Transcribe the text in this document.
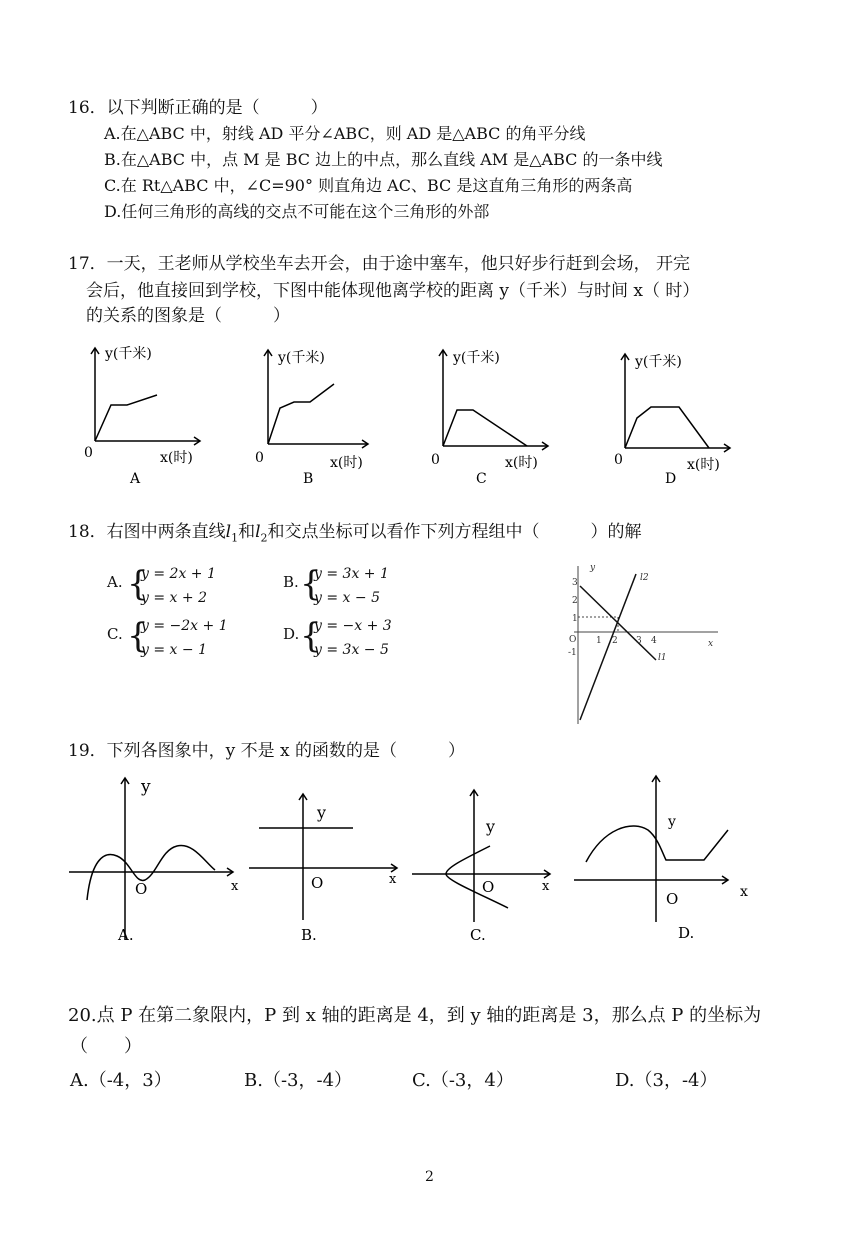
16．以下判断正确的是（　　　）
A.在△ABC 中，射线 AD 平分∠ABC，则 AD 是△ABC 的角平分线
B.在△ABC 中，点 M 是 BC 边上的中点，那么直线 AM 是△ABC 的一条中线
C.在 Rt△ABC 中，∠C=90° 则直角边 AC、BC 是这直角三角形的两条高
D.任何三角形的高线的交点不可能在这个三角形的外部
17．一天，王老师从学校坐车去开会，由于途中塞车，他只好步行赶到会场， 开完
会后，他直接回到学校，下图中能体现他离学校的距离 y（千米）与时间 x（ 时）
的关系的图象是（　　　）
y(千米)
0	x(时)
A
y(千米)
0	x(时)
B
y(千米)
0	x(时)
C
y(千米)
0	x(时)
D
18．右图中两条直线$l_1$和$l_2$和交点坐标可以看作下列方程组中（　　　）的解
A. {
y = 2x + 1
y = x + 2
B. {
y = 3x + 1
y = x − 5
C. {
y = −2x + 1
y = x − 1
D. {
y = −x + 3
y = 3x − 5
y
x
O 1 2 3 4
3
2
1
-1
l2
l1
19．下列各图象中，y 不是 x 的函数的是（　　　）
y
O	x
A.
y
O	x
B.
y
O	x
C.
y
O	x
D.
20.点 P 在第二象限内，P 到 x 轴的距离是 4，到 y 轴的距离是 3，那么点 P 的坐标为
（　　）
A.（-4，3）	B.（-3，-4）	C.（-3，4）	D.（3，-4）
2
